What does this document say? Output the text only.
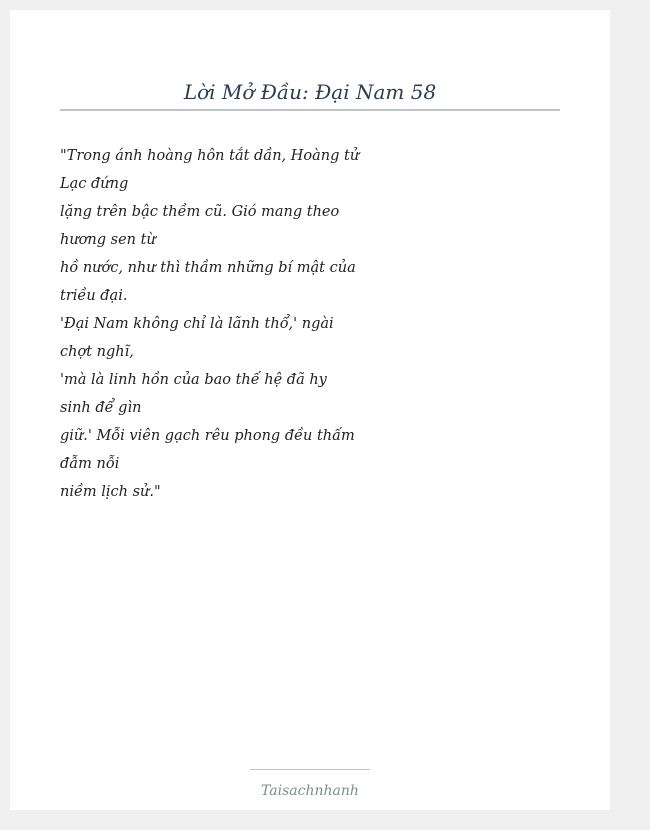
Lời Mở Đầu: Đại Nam 58
"Trong ánh hoàng hôn tắt dần, Hoàng tử Lạc đứng
lặng trên bậc thềm cũ. Gió mang theo hương sen từ
hồ nước, như thì thầm những bí mật của triều đại.
'Đại Nam không chỉ là lãnh thổ,' ngài chợt nghĩ,
'mà là linh hồn của bao thế hệ đã hy sinh để gìn
giữ.' Mỗi viên gạch rêu phong đều thấm đẫm nỗi
niềm lịch sử."
Taisachnhanh
